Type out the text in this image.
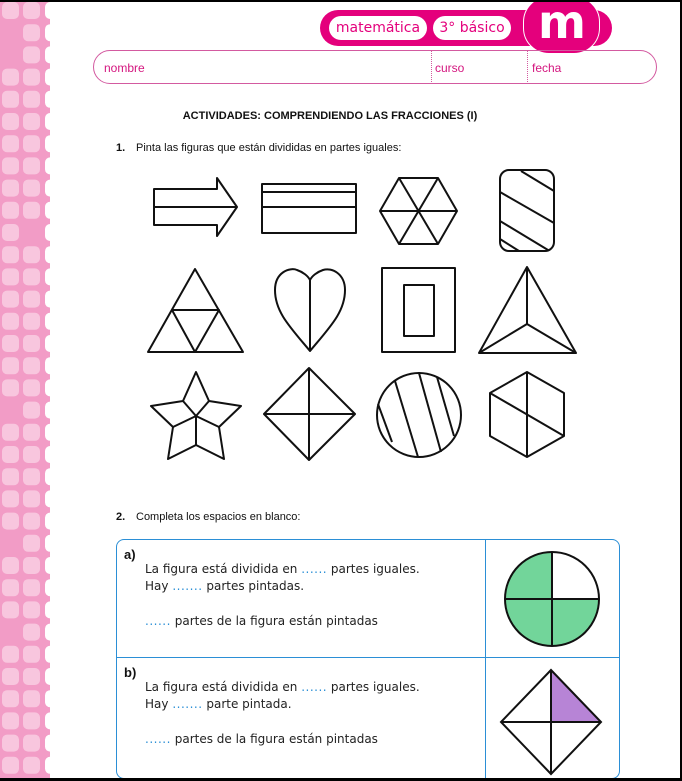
matemática	3° básico m
nombre	curso	fecha
ACTIVIDADES: COMPRENDIENDO LAS FRACCIONES (I)
1. Pinta las figuras que están divididas en partes iguales:
2. Completa los espacios en blanco:
a)
La figura está dividida en ...... partes iguales.
Hay ....... partes pintadas.
...... partes de la figura están pintadas
b)
La figura está dividida en ...... partes iguales.
Hay ....... parte pintada.
...... partes de la figura están pintadas
